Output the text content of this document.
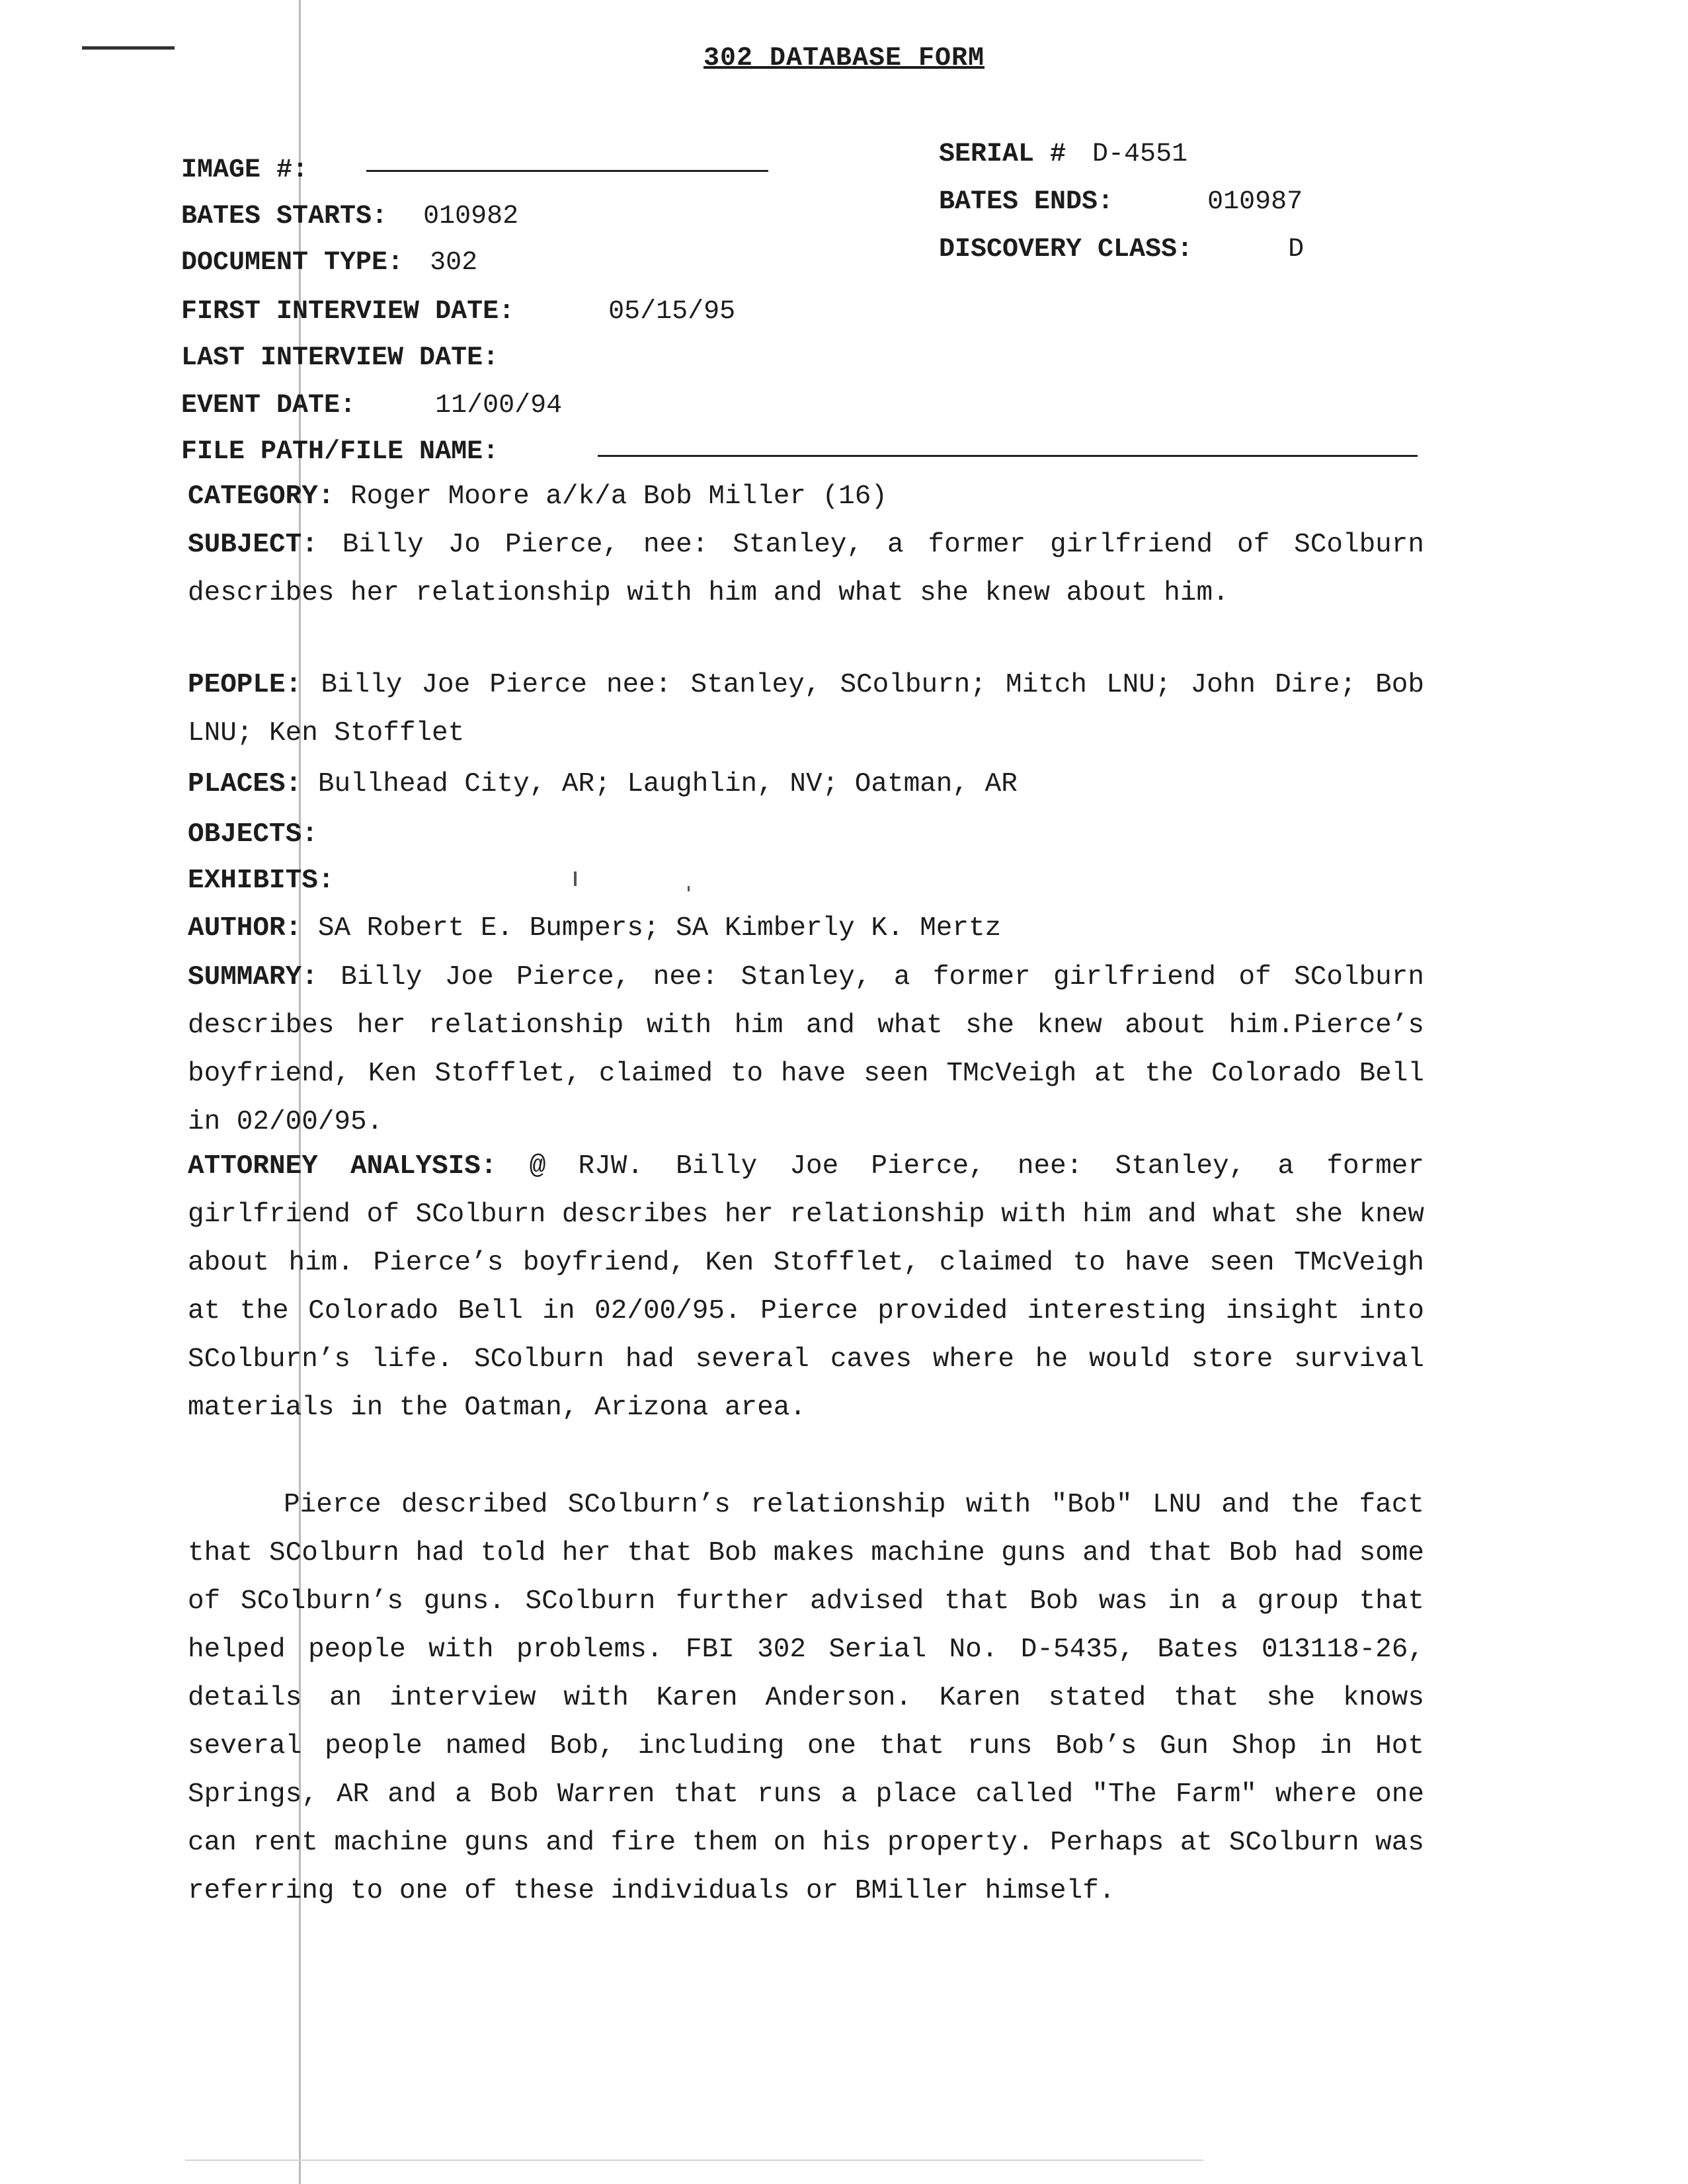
302 DATABASE FORM
IMAGE #:
BATES STARTS: 010982
DOCUMENT TYPE: 302
FIRST INTERVIEW DATE:	05/15/95
LAST INTERVIEW DATE:
EVENT DATE:	11/00/94
FILE PATH/FILE NAME:
SERIAL # D-4551
BATES ENDS:	010987
DISCOVERY CLASS:	D

CATEGORY: Roger Moore a/k/a Bob Miller (16)

SUBJECT: Billy Jo Pierce, nee: Stanley, a former girlfriend of SColburn describes her relationship with him and what she knew about him.

PEOPLE: Billy Joe Pierce nee: Stanley, SColburn; Mitch LNU; John Dire; Bob LNU; Ken Stofflet

PLACES: Bullhead City, AR; Laughlin, NV; Oatman, AR

OBJECTS:

EXHIBITS:

AUTHOR: SA Robert E. Bumpers; SA Kimberly K. Mertz

SUMMARY: Billy Joe Pierce, nee: Stanley, a former girlfriend of SColburn describes her relationship with him and what she knew about him.Pierce’s boyfriend, Ken Stofflet, claimed to have seen TMcVeigh at the Colorado Bell in 02/00/95.

ATTORNEY ANALYSIS: @ RJW. Billy Joe Pierce, nee: Stanley, a former girlfriend of SColburn describes her relationship with him and what she knew about him. Pierce’s boyfriend, Ken Stofflet, claimed to have seen TMcVeigh at the Colorado Bell in 02/00/95. Pierce provided interesting insight into SColburn’s life. SColburn had several caves where he would store survival materials in the Oatman, Arizona area.

Pierce described SColburn’s relationship with "Bob" LNU and the fact that SColburn had told her that Bob makes machine guns and that Bob had some of SColburn’s guns. SColburn further advised that Bob was in a group that helped people with problems. FBI 302 Serial No. D-5435, Bates 013118-26, details an interview with Karen Anderson. Karen stated that she knows several people named Bob, including one that runs Bob’s Gun Shop in Hot Springs, AR and a Bob Warren that runs a place called "The Farm" where one can rent machine guns and fire them on his property. Perhaps at SColburn was referring to one of these individuals or BMiller himself.
